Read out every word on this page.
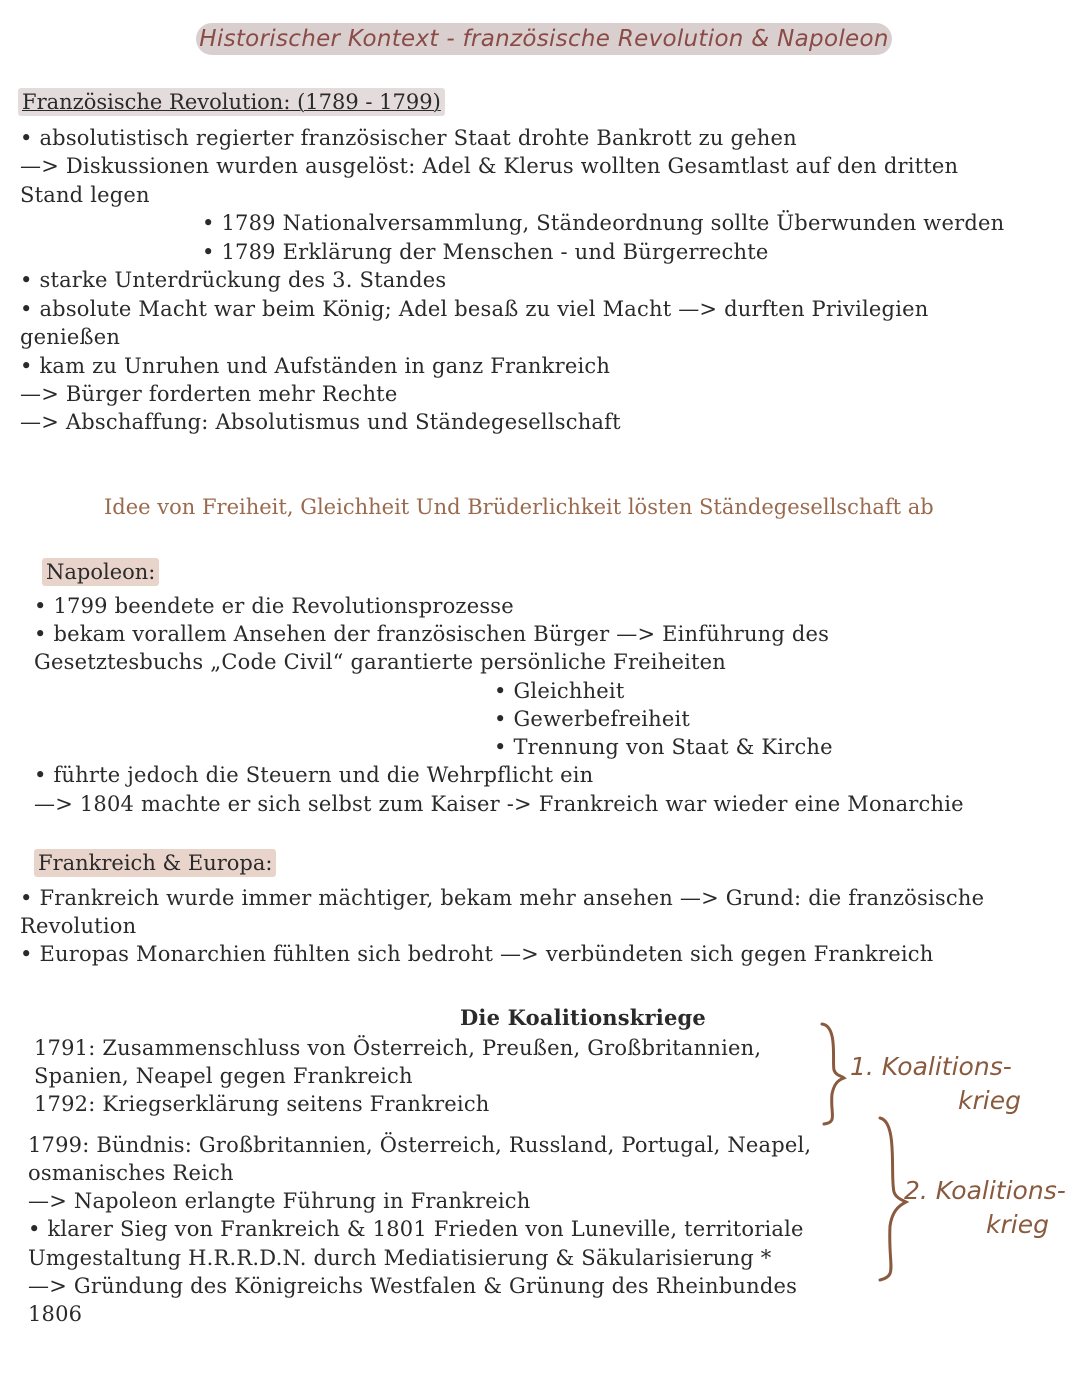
Historischer Kontext - französische Revolution & Napoleon
Französische Revolution: (1789 - 1799)
• absolutistisch regierter französischer Staat drohte Bankrott zu gehen
—> Diskussionen wurden ausgelöst: Adel & Klerus wollten Gesamtlast auf den dritten
Stand legen
• 1789 Nationalversammlung, Ständeordnung sollte Überwunden werden
• 1789 Erklärung der Menschen - und Bürgerrechte
• starke Unterdrückung des 3. Standes
• absolute Macht war beim König; Adel besaß zu viel Macht —> durften Privilegien
genießen
• kam zu Unruhen und Aufständen in ganz Frankreich
—> Bürger forderten mehr Rechte
—> Abschaffung: Absolutismus und Ständegesellschaft
Idee von Freiheit, Gleichheit Und Brüderlichkeit lösten Ständegesellschaft ab
Napoleon:
• 1799 beendete er die Revolutionsprozesse
• bekam vorallem Ansehen der französischen Bürger —> Einführung des
Gesetztesbuchs „Code Civil“ garantierte persönliche Freiheiten
• Gleichheit
• Gewerbefreiheit
• Trennung von Staat & Kirche
• führte jedoch die Steuern und die Wehrpflicht ein
—> 1804 machte er sich selbst zum Kaiser -> Frankreich war wieder eine Monarchie
Frankreich & Europa:
• Frankreich wurde immer mächtiger, bekam mehr ansehen —> Grund: die französische
Revolution
• Europas Monarchien fühlten sich bedroht —> verbündeten sich gegen Frankreich
Die Koalitionskriege
1791: Zusammenschluss von Österreich, Preußen, Großbritannien,
Spanien, Neapel gegen Frankreich
1792: Kriegserklärung seitens Frankreich
1799: Bündnis: Großbritannien, Österreich, Russland, Portugal, Neapel,
osmanisches Reich
—> Napoleon erlangte Führung in Frankreich
• klarer Sieg von Frankreich & 1801 Frieden von Luneville, territoriale
Umgestaltung H.R.R.D.N. durch Mediatisierung & Säkularisierung *
—> Gründung des Königreichs Westfalen & Grünung des Rheinbundes
1806
1. Koalitions-
krieg
2. Koalitions-
krieg
